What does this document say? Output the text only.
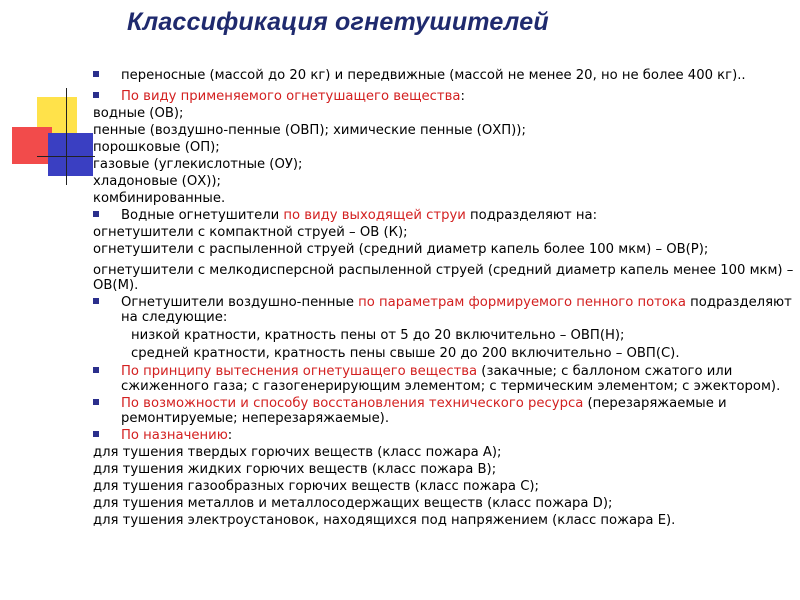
Классификация огнетушителей
переносные (массой до 20 кг) и передвижные (массой не менее 20, но не более 400 кг)..
По виду применяемого огнетушащего вещества:
водные (ОВ);
пенные (воздушно-пенные (ОВП); химические пенные (ОХП));
порошковые (ОП);
газовые (углекислотные (ОУ);
хладоновые (ОХ));
комбинированные.
Водные огнетушители по виду выходящей струи подразделяют на:
огнетушители с компактной струей – ОВ (К);
огнетушители с распыленной струей (средний диаметр капель более 100 мкм) – ОВ(Р);
огнетушители с мелкодисперсной распыленной струей (средний диаметр капель менее 100 мкм) – ОВ(М).
Огнетушители воздушно-пенные по параметрам формируемого пенного потока подразделяют на следующие:
низкой кратности, кратность пены от 5 до 20 включительно – ОВП(Н);
средней кратности, кратность пены свыше 20 до 200 включительно – ОВП(С).
По принципу вытеснения огнетушащего вещества (закачные; с баллоном сжатого или сжиженного газа; с газогенерирующим элементом; с термическим элементом; с эжектором).
По возможности и способу восстановления технического ресурса (перезаряжаемые и ремонтируемые; неперезаряжаемые).
По назначению:
для тушения твердых горючих веществ (класс пожара А);
для тушения жидких горючих веществ (класс пожара В);
для тушения газообразных горючих веществ (класс пожара С);
для тушения металлов и металлосодержащих веществ (класс пожара D);
для тушения электроустановок, находящихся под напряжением (класс пожара Е).
